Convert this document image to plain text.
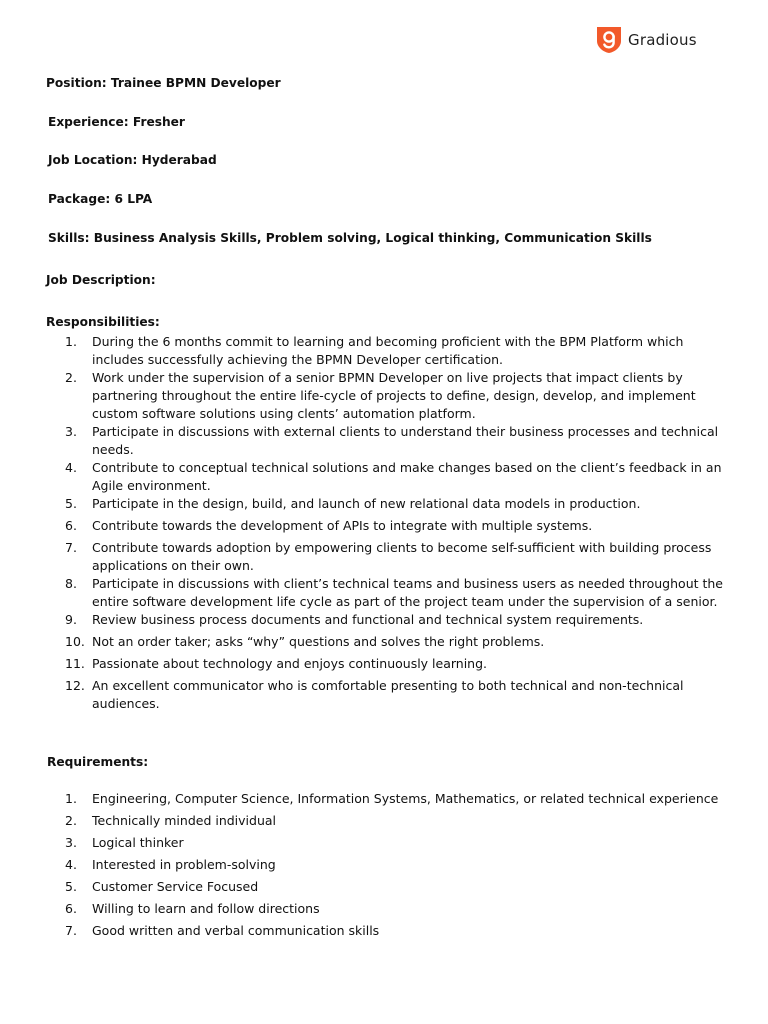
Gradious
Position: Trainee BPMN Developer
Experience: Fresher
Job Location: Hyderabad
Package: 6 LPA
Skills: Business Analysis Skills, Problem solving, Logical thinking, Communication Skills
Job Description:
Responsibilities:
1.	During the 6 months commit to learning and becoming proficient with the BPM Platform which includes successfully achieving the BPMN Developer certification.
2.	Work under the supervision of a senior BPMN Developer on live projects that impact clients by partnering throughout the entire life-cycle of projects to define, design, develop, and implement custom software solutions using clents’ automation platform.
3.	Participate in discussions with external clients to understand their business processes and technical needs.
4.	Contribute to conceptual technical solutions and make changes based on the client’s feedback in an Agile environment.
5.	Participate in the design, build, and launch of new relational data models in production.
6.	Contribute towards the development of APIs to integrate with multiple systems.
7.	Contribute towards adoption by empowering clients to become self-sufficient with building process applications on their own.
8.	Participate in discussions with client’s technical teams and business users as needed throughout the entire software development life cycle as part of the project team under the supervision of a senior.
9.	Review business process documents and functional and technical system requirements.
10. Not an order taker; asks “why” questions and solves the right problems.
11. Passionate about technology and enjoys continuously learning.
12. An excellent communicator who is comfortable presenting to both technical and non-technical audiences.
Requirements:
1.	Engineering, Computer Science, Information Systems, Mathematics, or related technical experience
2.	Technically minded individual
3.	Logical thinker
4.	Interested in problem-solving
5.	Customer Service Focused
6.	Willing to learn and follow directions
7.	Good written and verbal communication skills
